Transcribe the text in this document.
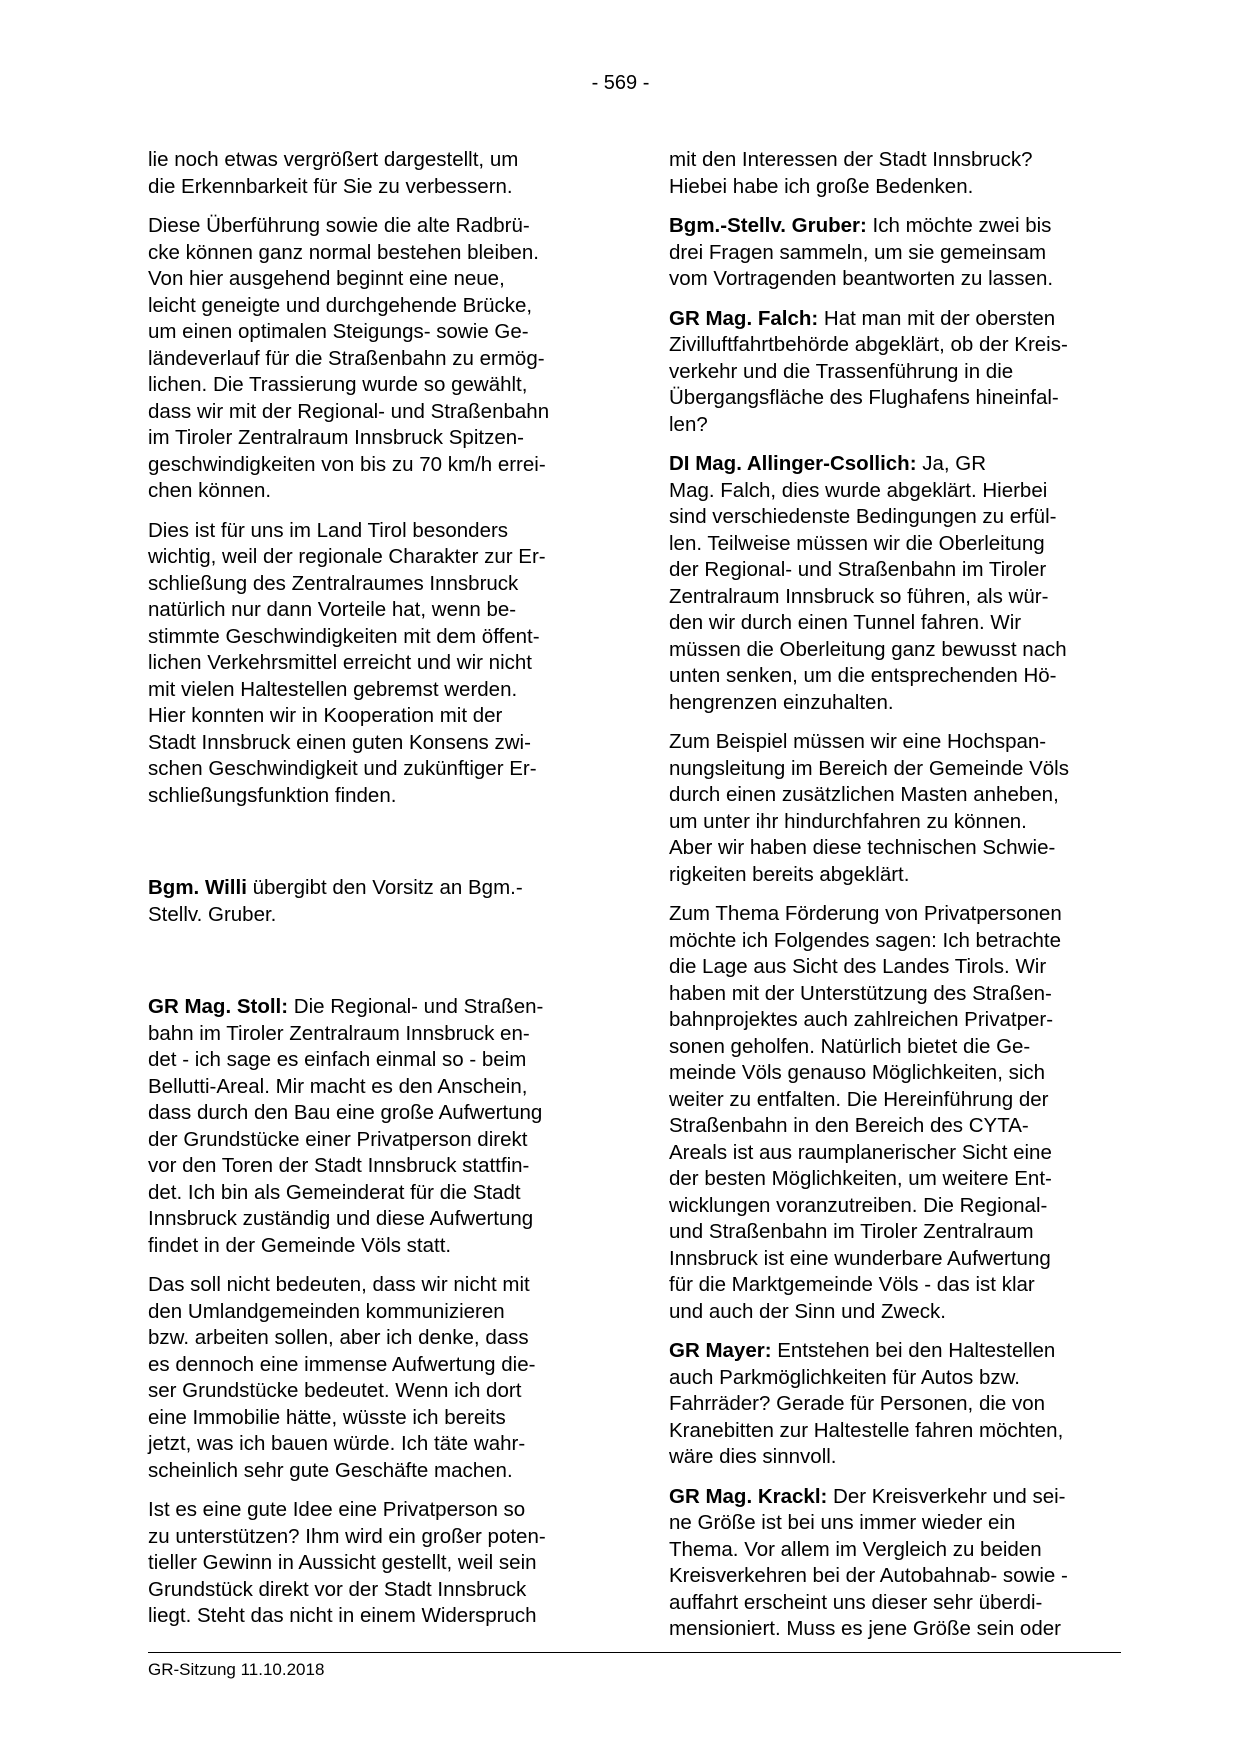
- 569 -
lie noch etwas vergrößert dargestellt, um
die Erkennbarkeit für Sie zu verbessern.
Diese Überführung sowie die alte Radbrü-
cke können ganz normal bestehen bleiben.
Von hier ausgehend beginnt eine neue,
leicht geneigte und durchgehende Brücke,
um einen optimalen Steigungs- sowie Ge-
ländeverlauf für die Straßenbahn zu ermög-
lichen. Die Trassierung wurde so gewählt,
dass wir mit der Regional- und Straßenbahn
im Tiroler Zentralraum Innsbruck Spitzen-
geschwindigkeiten von bis zu 70 km/h errei-
chen können.
Dies ist für uns im Land Tirol besonders
wichtig, weil der regionale Charakter zur Er-
schließung des Zentralraumes Innsbruck
natürlich nur dann Vorteile hat, wenn be-
stimmte Geschwindigkeiten mit dem öffent-
lichen Verkehrsmittel erreicht und wir nicht
mit vielen Haltestellen gebremst werden.
Hier konnten wir in Kooperation mit der
Stadt Innsbruck einen guten Konsens zwi-
schen Geschwindigkeit und zukünftiger Er-
schließungsfunktion finden.
Bgm. Willi übergibt den Vorsitz an Bgm.-
Stellv. Gruber.
GR Mag. Stoll: Die Regional- und Straßen-
bahn im Tiroler Zentralraum Innsbruck en-
det - ich sage es einfach einmal so - beim
Bellutti-Areal. Mir macht es den Anschein,
dass durch den Bau eine große Aufwertung
der Grundstücke einer Privatperson direkt
vor den Toren der Stadt Innsbruck stattfin-
det. Ich bin als Gemeinderat für die Stadt
Innsbruck zuständig und diese Aufwertung
findet in der Gemeinde Völs statt.
Das soll nicht bedeuten, dass wir nicht mit
den Umlandgemeinden kommunizieren
bzw. arbeiten sollen, aber ich denke, dass
es dennoch eine immense Aufwertung die-
ser Grundstücke bedeutet. Wenn ich dort
eine Immobilie hätte, wüsste ich bereits
jetzt, was ich bauen würde. Ich täte wahr-
scheinlich sehr gute Geschäfte machen.
Ist es eine gute Idee eine Privatperson so
zu unterstützen? Ihm wird ein großer poten-
tieller Gewinn in Aussicht gestellt, weil sein
Grundstück direkt vor der Stadt Innsbruck
liegt. Steht das nicht in einem Widerspruch
mit den Interessen der Stadt Innsbruck?
Hiebei habe ich große Bedenken.
Bgm.-Stellv. Gruber: Ich möchte zwei bis
drei Fragen sammeln, um sie gemeinsam
vom Vortragenden beantworten zu lassen.
GR Mag. Falch: Hat man mit der obersten
Zivilluftfahrtbehörde abgeklärt, ob der Kreis-
verkehr und die Trassenführung in die
Übergangsfläche des Flughafens hineinfal-
len?
DI Mag. Allinger-Csollich: Ja, GR
Mag. Falch, dies wurde abgeklärt. Hierbei
sind verschiedenste Bedingungen zu erfül-
len. Teilweise müssen wir die Oberleitung
der Regional- und Straßenbahn im Tiroler
Zentralraum Innsbruck so führen, als wür-
den wir durch einen Tunnel fahren. Wir
müssen die Oberleitung ganz bewusst nach
unten senken, um die entsprechenden Hö-
hengrenzen einzuhalten.
Zum Beispiel müssen wir eine Hochspan-
nungsleitung im Bereich der Gemeinde Völs
durch einen zusätzlichen Masten anheben,
um unter ihr hindurchfahren zu können.
Aber wir haben diese technischen Schwie-
rigkeiten bereits abgeklärt.
Zum Thema Förderung von Privatpersonen
möchte ich Folgendes sagen: Ich betrachte
die Lage aus Sicht des Landes Tirols. Wir
haben mit der Unterstützung des Straßen-
bahnprojektes auch zahlreichen Privatper-
sonen geholfen. Natürlich bietet die Ge-
meinde Völs genauso Möglichkeiten, sich
weiter zu entfalten. Die Hereinführung der
Straßenbahn in den Bereich des CYTA-
Areals ist aus raumplanerischer Sicht eine
der besten Möglichkeiten, um weitere Ent-
wicklungen voranzutreiben. Die Regional-
und Straßenbahn im Tiroler Zentralraum
Innsbruck ist eine wunderbare Aufwertung
für die Marktgemeinde Völs - das ist klar
und auch der Sinn und Zweck.
GR Mayer: Entstehen bei den Haltestellen
auch Parkmöglichkeiten für Autos bzw.
Fahrräder? Gerade für Personen, die von
Kranebitten zur Haltestelle fahren möchten,
wäre dies sinnvoll.
GR Mag. Krackl: Der Kreisverkehr und sei-
ne Größe ist bei uns immer wieder ein
Thema. Vor allem im Vergleich zu beiden
Kreisverkehren bei der Autobahnab- sowie -
auffahrt erscheint uns dieser sehr überdi-
mensioniert. Muss es jene Größe sein oder
GR-Sitzung 11.10.2018
